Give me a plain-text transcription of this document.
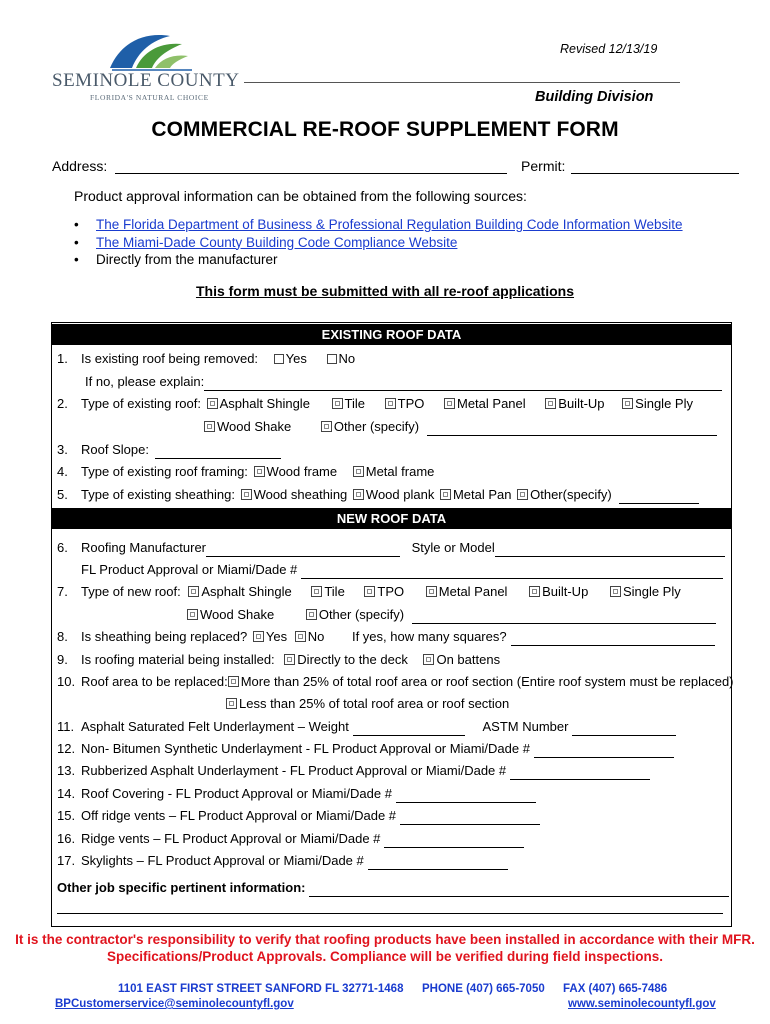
SEMINOLE COUNTY
FLORIDA'S NATURAL CHOICE
Revised 12/13/19
Building Division
COMMERCIAL RE-ROOF SUPPLEMENT FORM
Address:	Permit:
Product approval information can be obtained from the following sources:
• The Florida Department of Business & Professional Regulation Building Code Information Website
• The Miami-Dade County Building Code Compliance Website
• Directly from the manufacturer
This form must be submitted with all re-roof applications
EXISTING ROOF DATA
1. Is existing roof being removed: Yes No
If no, please explain:
2. Type of existing roof: Asphalt Shingle	Tile	TPO	Metal Panel	Built-Up Single Ply
Wood Shake	Other (specify)
3. Roof Slope:
4. Type of existing roof framing: Wood frame Metal frame
5. Type of existing sheathing: Wood sheathing Wood plank Metal Pan Other(specify)
NEW ROOF DATA
6. Roofing Manufacturer	Style or Model
FL Product Approval or Miami/Dade #
7. Type of new roof: Asphalt Shingle	Tile	TPO	Metal Panel	Built-Up	Single Ply
Wood Shake	Other (specify)
8. Is sheathing being replaced? Yes No If yes, how many squares?
9. Is roofing material being installed: Directly to the deck On battens
10. Roof area to be replaced: More than 25% of total roof area or roof section (Entire roof system must be replaced)
Less than 25% of total roof area or roof section
11. Asphalt Saturated Felt Underlayment – Weight	ASTM Number
12. Non- Bitumen Synthetic Underlayment - FL Product Approval or Miami/Dade #
13. Rubberized Asphalt Underlayment - FL Product Approval or Miami/Dade #
14. Roof Covering - FL Product Approval or Miami/Dade #
15. Off ridge vents – FL Product Approval or Miami/Dade #
16. Ridge vents – FL Product Approval or Miami/Dade #
17. Skylights – FL Product Approval or Miami/Dade #
Other job specific pertinent information:
It is the contractor's responsibility to verify that roofing products have been installed in accordance with their MFR. Specifications/Product Approvals. Compliance will be verified during field inspections.
1101 EAST FIRST STREET SANFORD FL 32771-1468 PHONE (407) 665-7050 FAX (407) 665-7486
BPCustomerservice@seminolecountyfl.gov	www.seminolecountyfl.gov
